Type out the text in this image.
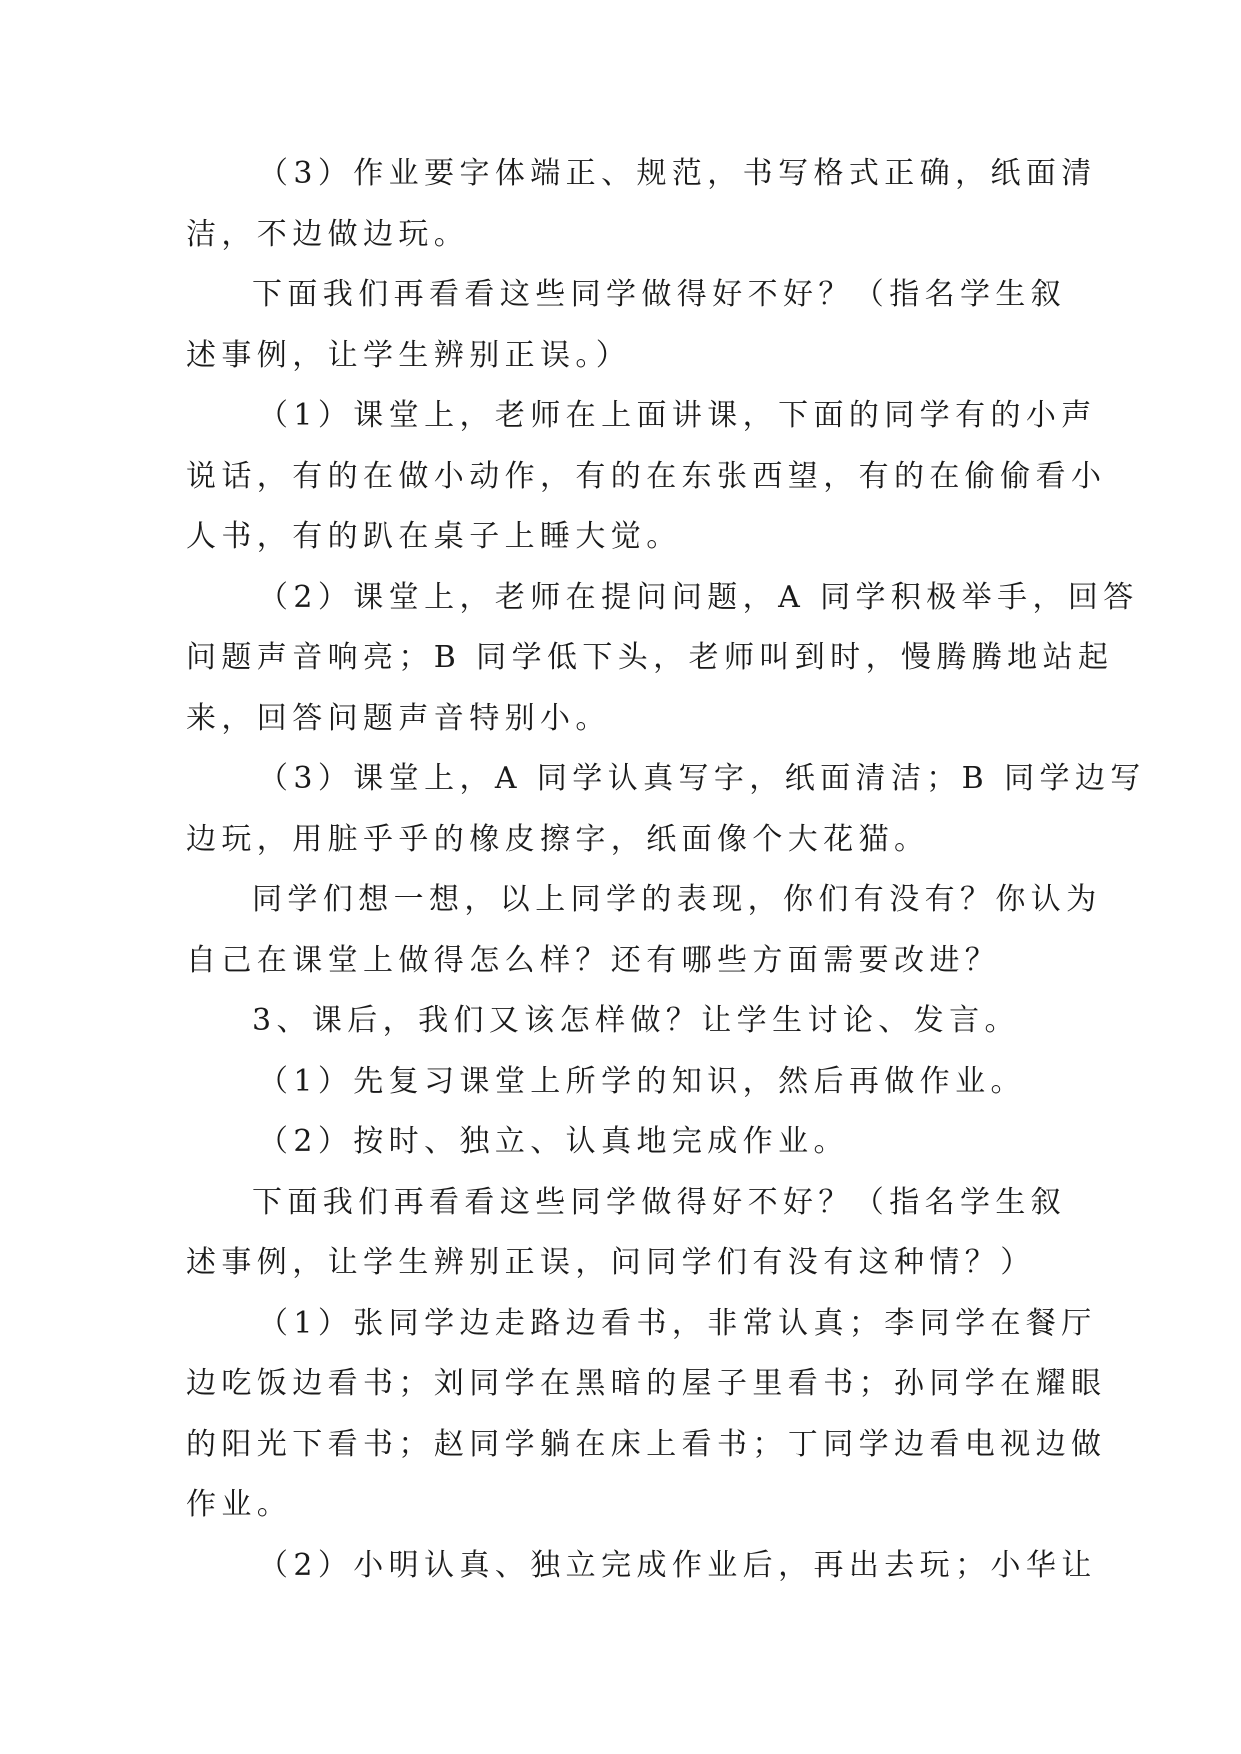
（3）作业要字体端正、规范，书写格式正确，纸面清
洁，不边做边玩。
下面我们再看看这些同学做得好不好？（指名学生叙
述事例，让学生辨别正误。）
（1）课堂上，老师在上面讲课，下面的同学有的小声
说话，有的在做小动作，有的在东张西望，有的在偷偷看小
人书，有的趴在桌子上睡大觉。
（2）课堂上，老师在提问问题，A 同学积极举手，回答
问题声音响亮；B 同学低下头，老师叫到时，慢腾腾地站起
来，回答问题声音特别小。
（3）课堂上，A 同学认真写字，纸面清洁；B 同学边写
边玩，用脏乎乎的橡皮擦字，纸面像个大花猫。
同学们想一想，以上同学的表现，你们有没有？你认为
自己在课堂上做得怎么样？还有哪些方面需要改进？
3、课后，我们又该怎样做？让学生讨论、发言。
（1）先复习课堂上所学的知识，然后再做作业。
（2）按时、独立、认真地完成作业。
下面我们再看看这些同学做得好不好？（指名学生叙
述事例，让学生辨别正误，问同学们有没有这种情？）
（1）张同学边走路边看书，非常认真；李同学在餐厅
边吃饭边看书；刘同学在黑暗的屋子里看书；孙同学在耀眼
的阳光下看书；赵同学躺在床上看书；丁同学边看电视边做
作业。
（2）小明认真、独立完成作业后，再出去玩；小华让
